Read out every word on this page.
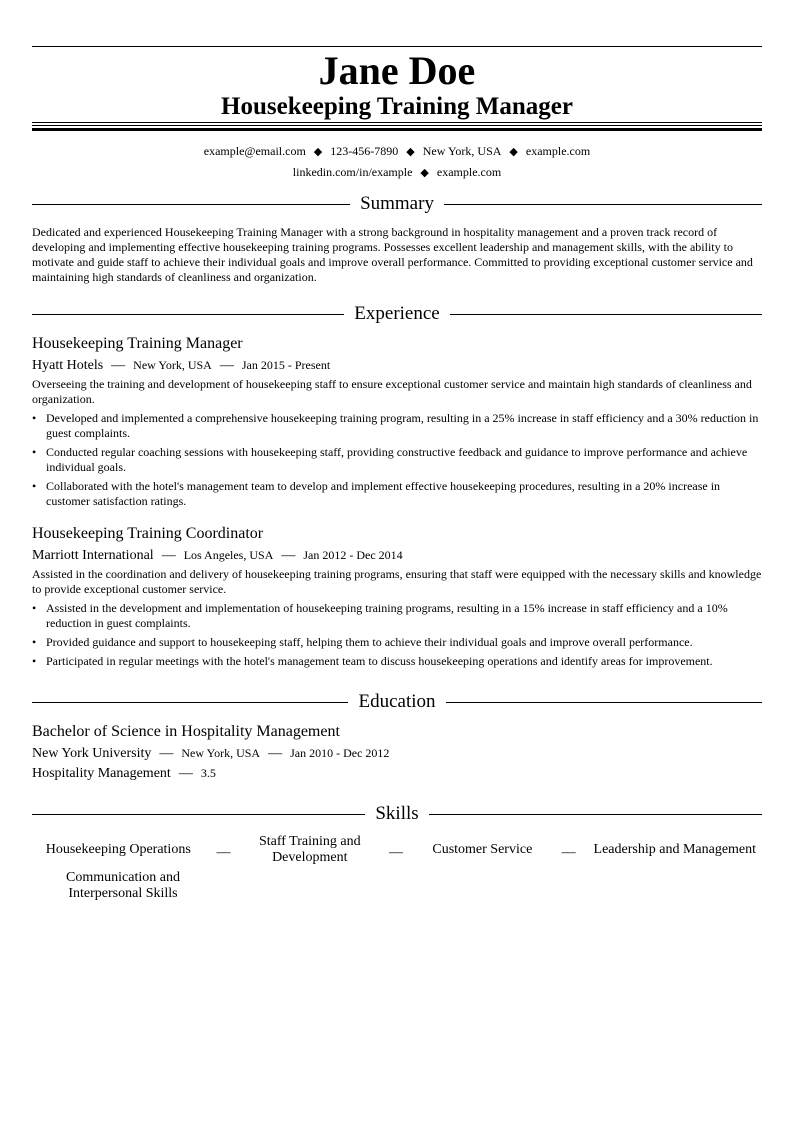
Jane Doe
Housekeeping Training Manager
example@email.com ◆ 123-456-7890 ◆ New York, USA ◆ example.com
linkedin.com/in/example ◆ example.com
Summary
Dedicated and experienced Housekeeping Training Manager with a strong background in hospitality management and a proven track record of developing and implementing effective housekeeping training programs. Possesses excellent leadership and management skills, with the ability to motivate and guide staff to achieve their individual goals and improve overall performance. Committed to providing exceptional customer service and maintaining high standards of cleanliness and organization.
Experience
Housekeeping Training Manager
Hyatt Hotels — New York, USA — Jan 2015 - Present
Overseeing the training and development of housekeeping staff to ensure exceptional customer service and maintain high standards of cleanliness and organization.
• Developed and implemented a comprehensive housekeeping training program, resulting in a 25% increase in staff efficiency and a 30% reduction in guest complaints.
• Conducted regular coaching sessions with housekeeping staff, providing constructive feedback and guidance to improve performance and achieve individual goals.
• Collaborated with the hotel's management team to develop and implement effective housekeeping procedures, resulting in a 20% increase in customer satisfaction ratings.
Housekeeping Training Coordinator
Marriott International — Los Angeles, USA — Jan 2012 - Dec 2014
Assisted in the coordination and delivery of housekeeping training programs, ensuring that staff were equipped with the necessary skills and knowledge to provide exceptional customer service.
• Assisted in the development and implementation of housekeeping training programs, resulting in a 15% increase in staff efficiency and a 10% reduction in guest complaints.
• Provided guidance and support to housekeeping staff, helping them to achieve their individual goals and improve overall performance.
• Participated in regular meetings with the hotel's management team to discuss housekeeping operations and identify areas for improvement.
Education
Bachelor of Science in Hospitality Management
New York University — New York, USA — Jan 2010 - Dec 2012
Hospitality Management — 3.5
Skills
Housekeeping Operations	—
Staff Training and Development	—	Customer Service	—	Leadership and Management
Communication and Interpersonal Skills
